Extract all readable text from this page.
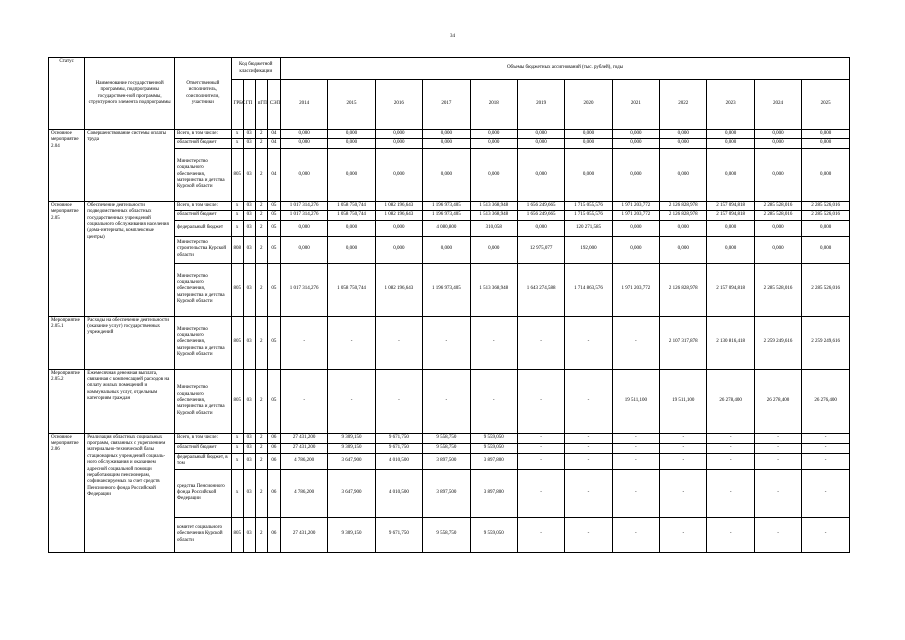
34
Статус	Наименование государственной программы, подпрограммы государствен-ной программы, структурного элемента подпрограммы	Ответственный исполнитель, соисполнители, участники	Код бюджетной классификации				Объемы бюджетных ассигнований (тыс. рублей), годы											
			ГРБС	ГП	пГП	СЭП	2014	2015	2016	2017	2018	2019	2020	2021	2022	2023	2024	2025
Основное мероприятие 2.04	Совершенствование системы оплаты труда	Всего, в том числе:	х	03	2	04	0,000	0,000	0,000	0,000	0,000	0,000	0,000	0,000	0,000	0,000	0,000	0,000
		областной бюджет	х	03	2	04	0,000	0,000	0,000	0,000	0,000	0,000	0,000	0,000	0,000	0,000	0,000	0,000
		Министерство социального обеспечения, материнства и детства Курской области	805	03	2	04	0,000	0,000	0,000	0,000	0,000	0,000	0,000	0,000	0,000	0,000	0,000	0,000
Основное мероприятие 2.05	Обеспечение деятельности подведомственных областных государственных учреждений социального обслуживания населения (дома-интернаты, комплексные центры)	Всего, в том числе:	х	03	2	05	1 017 314,276	1 058 750,744	1 082 196,643	1 196 973,405	1 513 368,948	1 656 249,665	1 715 055,576	1 971 203,772	2 126 828,978	2 157 094,818	2 285 528,016	2 285 526,016
		областной бюджет	х	03	2	05	1 017 314,276	1 058 750,744	1 082 196,643	1 196 973,405	1 513 368,948	1 656 249,665	1 715 055,576	1 971 203,772	2 126 828,978	2 157 094,818	2 285 528,016	2 285 526,016
		федеральный бюджет	х	03	2	05	0,000	0,000	0,000	4 080,800	310,058	0,000	120 271,585	0,000	0,000	0,000	0,000	0,000
		Министерство строительства Курской области	808	03	2	05	0,000	0,000	0,000	0,000	0,000	12 975,077	192,000	0,000	0,000	0,000	0,000	0,000
		Министерство социального обеспечения, материнства и детства Курской области	805	03	2	05	1 017 314,276	1 058 750,744	1 082 196,643	1 196 973,405	1 513 368,948	1 643 274,588	1 714 863,576	1 971 203,772	2 126 828,978	2 157 094,818	2 285 528,016	2 285 526,016
Мероприятие 2.05.1	Расходы на обеспечение деятельности (оказание услуг) государственных учреждений	Министерство социального обеспечения, материнства и детства Курской области	805	03	2	05	-	-	-	-	-	-	-	-	2 107 317,878	2 130 816,418	2 259 249,616	2 259 249,616
Мероприятие 2.05.2	Ежемесячная денежная выплата, связанная с компенсацией расходов на оплату жилых помещений и коммунальных услуг, отдельным категориям граждан	Министерство социального обеспечения, материнства и детства Курской области	805	03	2	05	-	-	-	-	-	-	-	19 511,100	19 511,100	26 278,400	26 278,400	26 276,400
Основное мероприятие 2.06	Реализация областных социальных программ, связанных с укреплением материально-технической базы стационарных учреждений социаль-ного обслуживания и оказанием адресной социальной помощи неработающим пенсионерам, софинансируемых за счет средств Пенсионного фонда Российской Федерации	Всего, в том числе:	х	03	2	06	27 431,200	9 309,150	9 671,750	9 558,750	9 559,050	-	-	-	-	-	-	-
		областной бюджет	х	03	2	06	27 431,200	9 309,150	9 671,750	9 558,750	9 559,050	-	-	-	-	-	-	-
		федеральный бюджет, в том	х	03	2	06	4 786,200	3 647,900	4 010,500	3 897,500	3 897,800	-	-	-	-	-	-	-
		средства Пенсионного фонда Российской Федерации	х	03	2	06	4 786,200	3 647,900	4 010,500	3 897,500	3 897,800	-	-	-	-	-	-	-
		комитет социального обеспечения Курской области	805	03	2	06	27 431,200	9 309,150	9 671,750	9 558,750	9 559,050	-	-	-	-	-	-	-
